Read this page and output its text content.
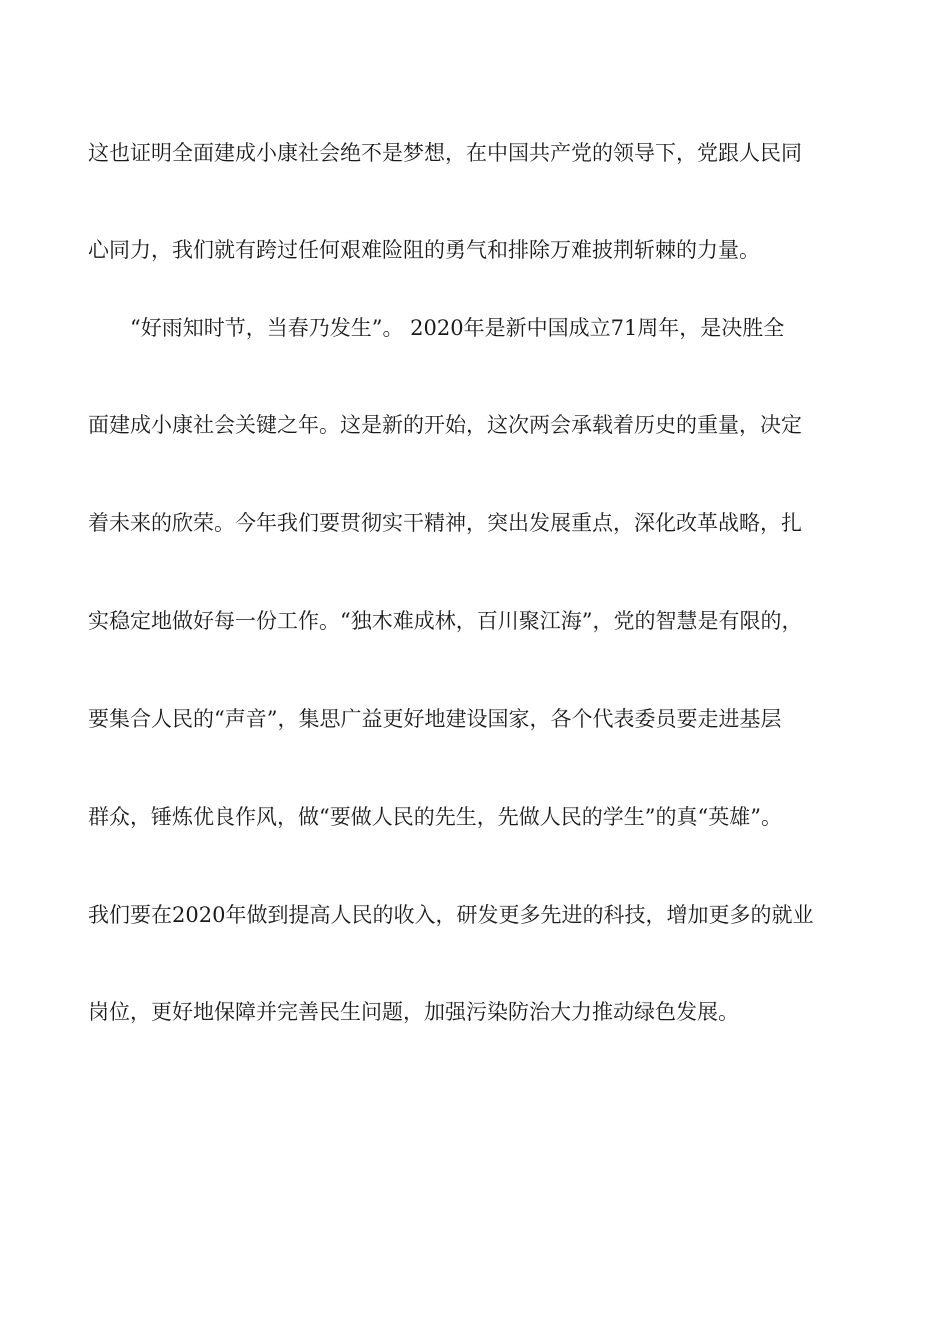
这也证明全面建成小康社会绝不是梦想，在中国共产党的领导下，党跟人民同
心同力，我们就有跨过任何艰难险阻的勇气和排除万难披荆斩棘的力量。
“好雨知时节，当春乃发生”。 2020年是新中国成立71周年，是决胜全
面建成小康社会关键之年。这是新的开始，这次两会承载着历史的重量，决定
着未来的欣荣。今年我们要贯彻实干精神，突出发展重点，深化改革战略，扎
实稳定地做好每一份工作。“独木难成林，百川聚江海”，党的智慧是有限的，
要集合人民的“声音”，集思广益更好地建设国家，各个代表委员要走进基层
群众，锤炼优良作风，做“要做人民的先生，先做人民的学生”的真“英雄”。
我们要在2020年做到提高人民的收入，研发更多先进的科技，增加更多的就业
岗位，更好地保障并完善民生问题，加强污染防治大力推动绿色发展。
